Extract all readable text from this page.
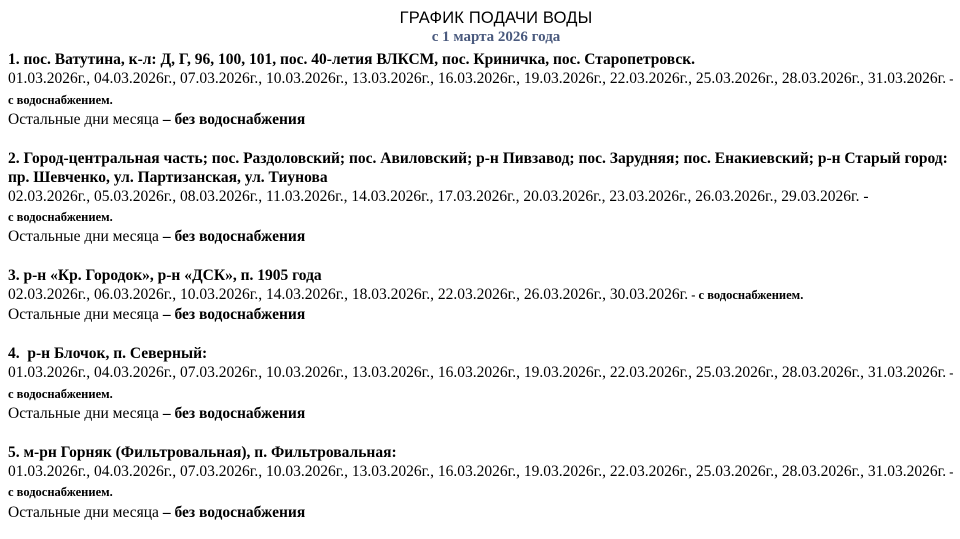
ГРАФИК ПОДАЧИ ВОДЫ
с 1 марта 2026 года
1. пос. Ватутина, к-л: Д, Г, 96, 100, 101, пос. 40-летия ВЛКСМ, пос. Криничка, пос. Старопетровск.
01.03.2026г., 04.03.2026г., 07.03.2026г., 10.03.2026г., 13.03.2026г., 16.03.2026г., 19.03.2026г., 22.03.2026г., 25.03.2026г., 28.03.2026г., 31.03.2026г. - с водоснабжением.
Остальные дни месяца – без водоснабжения
2. Город-центральная часть; пос. Раздоловский; пос. Авиловский; р-н Пивзавод; пос. Зарудняя; пос. Енакиевский; р-н Старый город: пр. Шевченко, ул. Партизанская, ул. Тиунова
02.03.2026г., 05.03.2026г., 08.03.2026г., 11.03.2026г., 14.03.2026г., 17.03.2026г., 20.03.2026г., 23.03.2026г., 26.03.2026г., 29.03.2026г. -
с водоснабжением.
Остальные дни месяца – без водоснабжения
3. р-н «Кр. Городок», р-н «ДСК», п. 1905 года
02.03.2026г., 06.03.2026г., 10.03.2026г., 14.03.2026г., 18.03.2026г., 22.03.2026г., 26.03.2026г., 30.03.2026г. - с водоснабжением.
Остальные дни месяца – без водоснабжения
4.  р-н Блочок, п. Северный:
01.03.2026г., 04.03.2026г., 07.03.2026г., 10.03.2026г., 13.03.2026г., 16.03.2026г., 19.03.2026г., 22.03.2026г., 25.03.2026г., 28.03.2026г., 31.03.2026г. - с водоснабжением.
Остальные дни месяца – без водоснабжения
5. м-рн Горняк (Фильтровальная), п. Фильтровальная:
01.03.2026г., 04.03.2026г., 07.03.2026г., 10.03.2026г., 13.03.2026г., 16.03.2026г., 19.03.2026г., 22.03.2026г., 25.03.2026г., 28.03.2026г., 31.03.2026г. - с водоснабжением.
Остальные дни месяца – без водоснабжения
